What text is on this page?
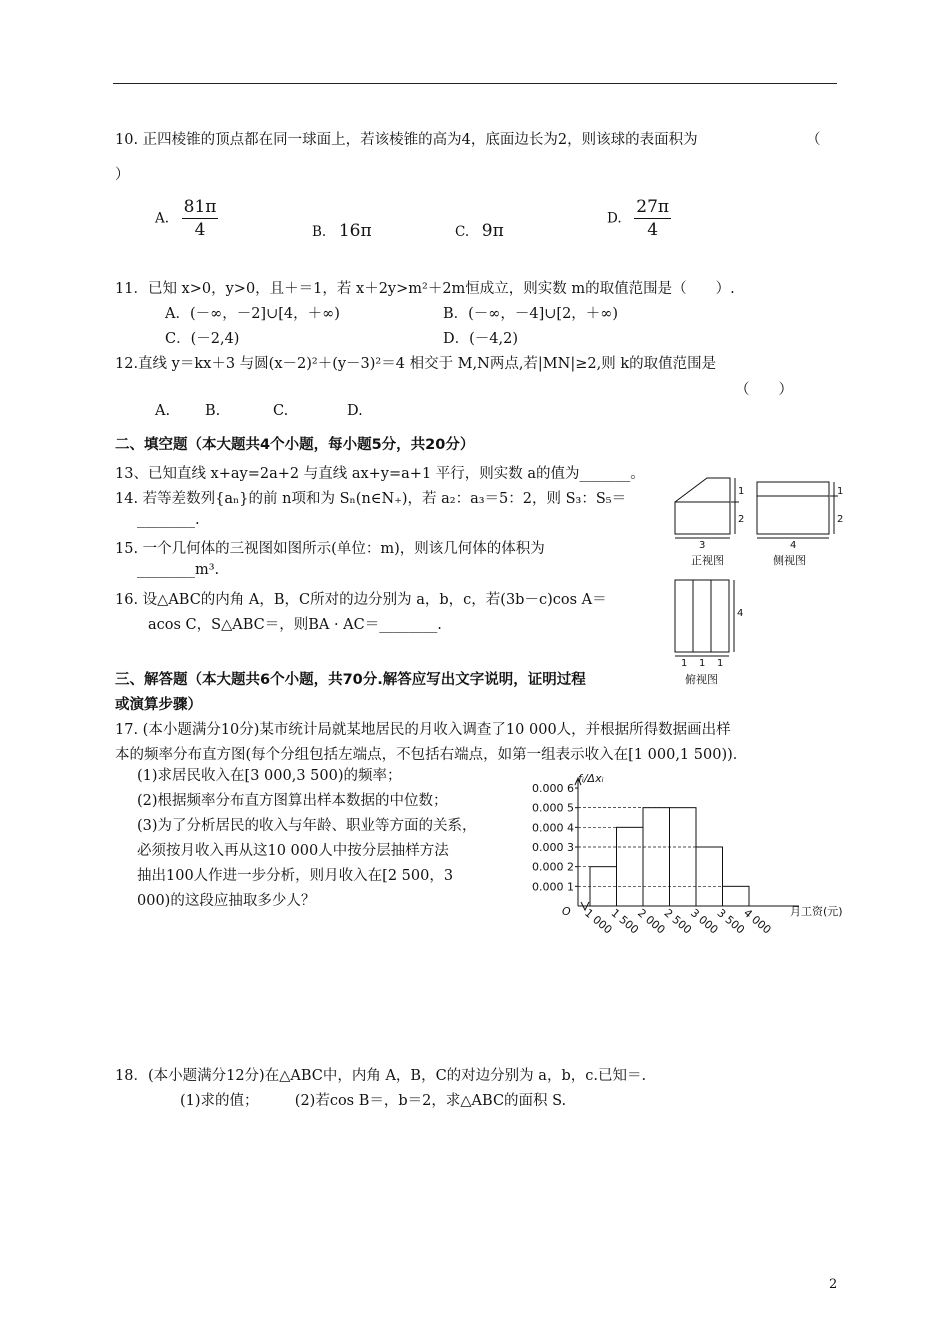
10. 正四棱锥的顶点都在同一球面上，若该棱锥的高为4，底面边长为2，则该球的表面积为	（
）
A. $\frac{81\pi}{4}$	B. 16π	C. 9π
D. $\frac{27\pi}{4}$
11．已知 x>0，y>0，且＋＝1，若 x＋2y>m²＋2m恒成立，则实数 m的取值范围是（　　）.
A．(－∞，－2]∪[4，＋∞)	B．(－∞，－4]∪[2，＋∞)
C．(－2,4)	D．(－4,2)
12.直线 y＝kx＋3 与圆(x－2)²＋(y－3)²＝4 相交于 M,N两点,若|MN|≥2,则 k的取值范围是
（　　）
A. B.	C.	D.
二、填空题（本大题共4个小题，每小题5分，共20分）
13、已知直线 x+ay=2a+2 与直线 ax+y=a+1 平行，则实数 a的值为_______。
14. 若等差数列{aₙ}的前 n项和为 Sₙ(n∈N₊)，若 a₂：a₃＝5：2，则 S₃：S₅＝
________.
15. 一个几何体的三视图如图所示(单位：m)，则该几何体的体积为
________m³.
16. 设△ABC的内角 A，B，C所对的边分别为 a，b，c，若(3b－c)cos A＝
acos C，S△ABC＝，则BA · AC＝________.
1
2
3
正视图
1
2
4
侧视图
4
1 1 1
俯视图
三、解答题（本大题共6个小题，共70分.解答应写出文字说明，证明过程
或演算步骤）
17. (本小题满分10分)某市统计局就某地居民的月收入调查了10 000人，并根据所得数据画出样
本的频率分布直方图(每个分组包括左端点，不包括右端点，如第一组表示收入在[1 000,1 500))．
(1)求居民收入在[3 000,3 500)的频率；
(2)根据频率分布直方图算出样本数据的中位数；
(3)为了分析居民的收入与年龄、职业等方面的关系，
必须按月收入再从这10 000人中按分层抽样方法
抽出100人作进一步分析，则月收入在[2 500，3
000)的这段应抽取多少人？
fᵢ/Δxᵢ
O	月工资(元)
0.000 1
0.000 2
0.000 3
0.000 4
0.000 5
0.000 6
1 000
1 500
2 000
2 500
3 000
3 500
4 000
18．(本小题满分12分)在△ABC中，内角 A，B，C的对边分别为 a，b，c.已知＝.
(1)求的值；　　　(2)若cos B＝，b＝2，求△ABC的面积 S.
2
